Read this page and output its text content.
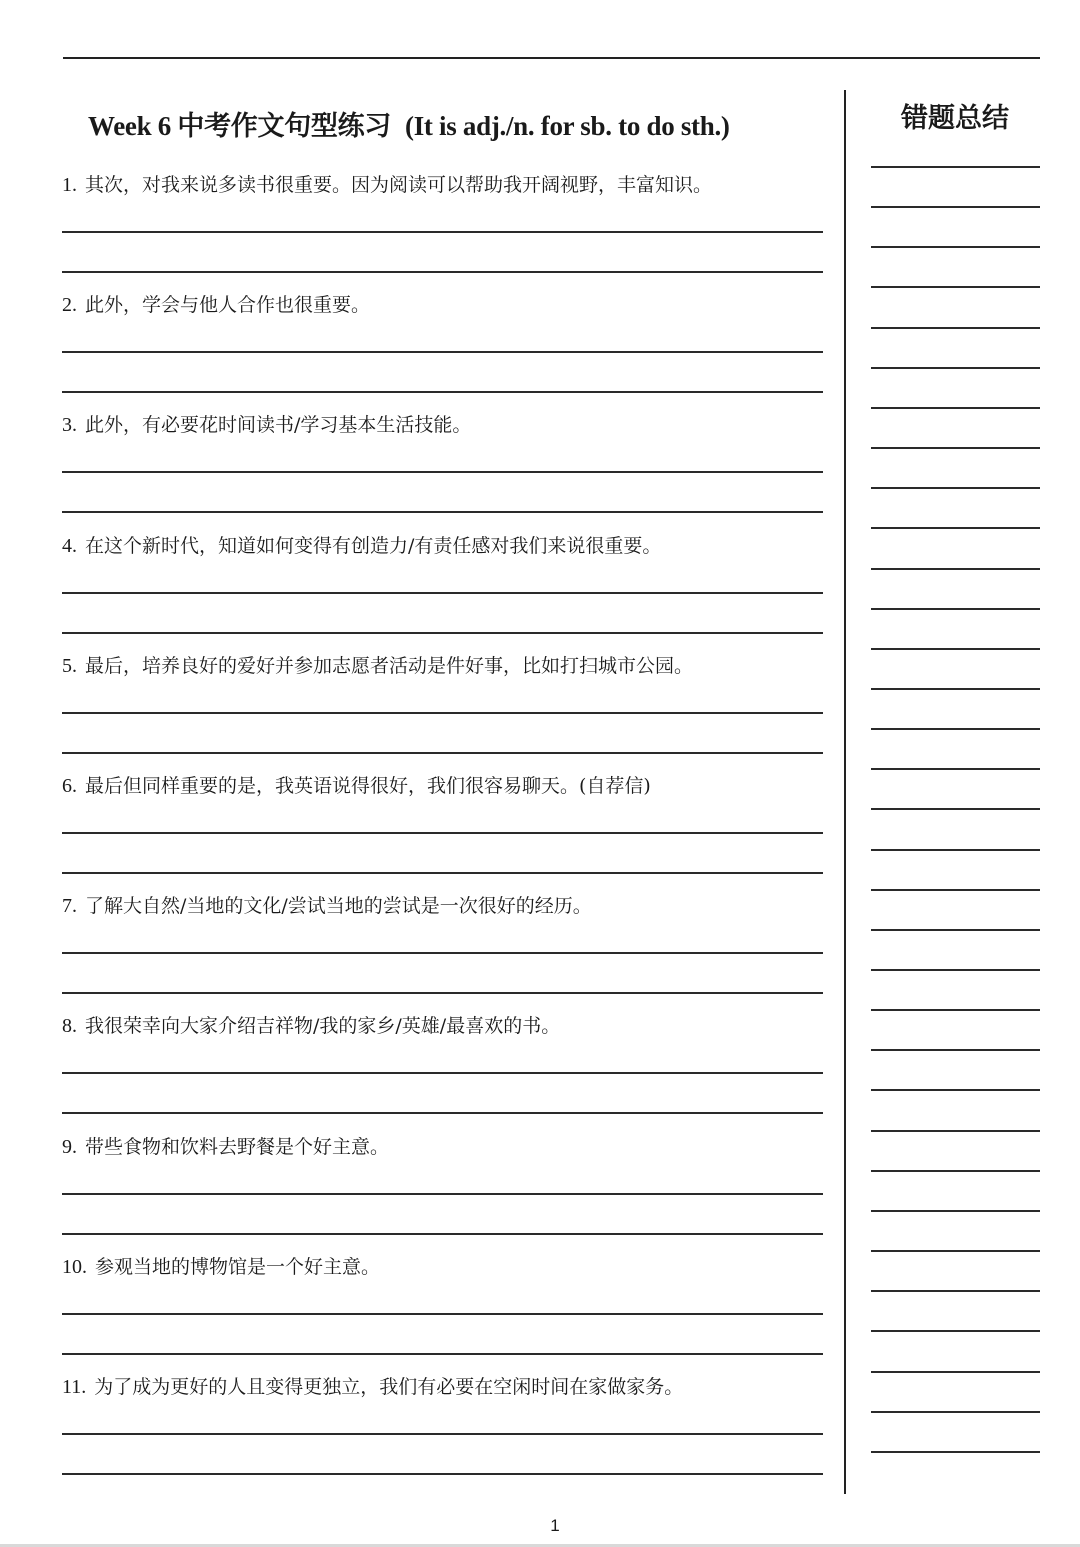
Week 6 中考作文句型练习 (It is adj./n. for sb. to do sth.)	错题总结
1. 其次，对我来说多读书很重要。因为阅读可以帮助我开阔视野，丰富知识。
2. 此外，学会与他人合作也很重要。
3. 此外，有必要花时间读书/学习基本生活技能。
4. 在这个新时代，知道如何变得有创造力/有责任感对我们来说很重要。
5. 最后，培养良好的爱好并参加志愿者活动是件好事，比如打扫城市公园。
6. 最后但同样重要的是，我英语说得很好，我们很容易聊天。(自荐信)
7. 了解大自然/当地的文化/尝试当地的尝试是一次很好的经历。
8. 我很荣幸向大家介绍吉祥物/我的家乡/英雄/最喜欢的书。
9. 带些食物和饮料去野餐是个好主意。
10. 参观当地的博物馆是一个好主意。
11. 为了成为更好的人且变得更独立，我们有必要在空闲时间在家做家务。
1
